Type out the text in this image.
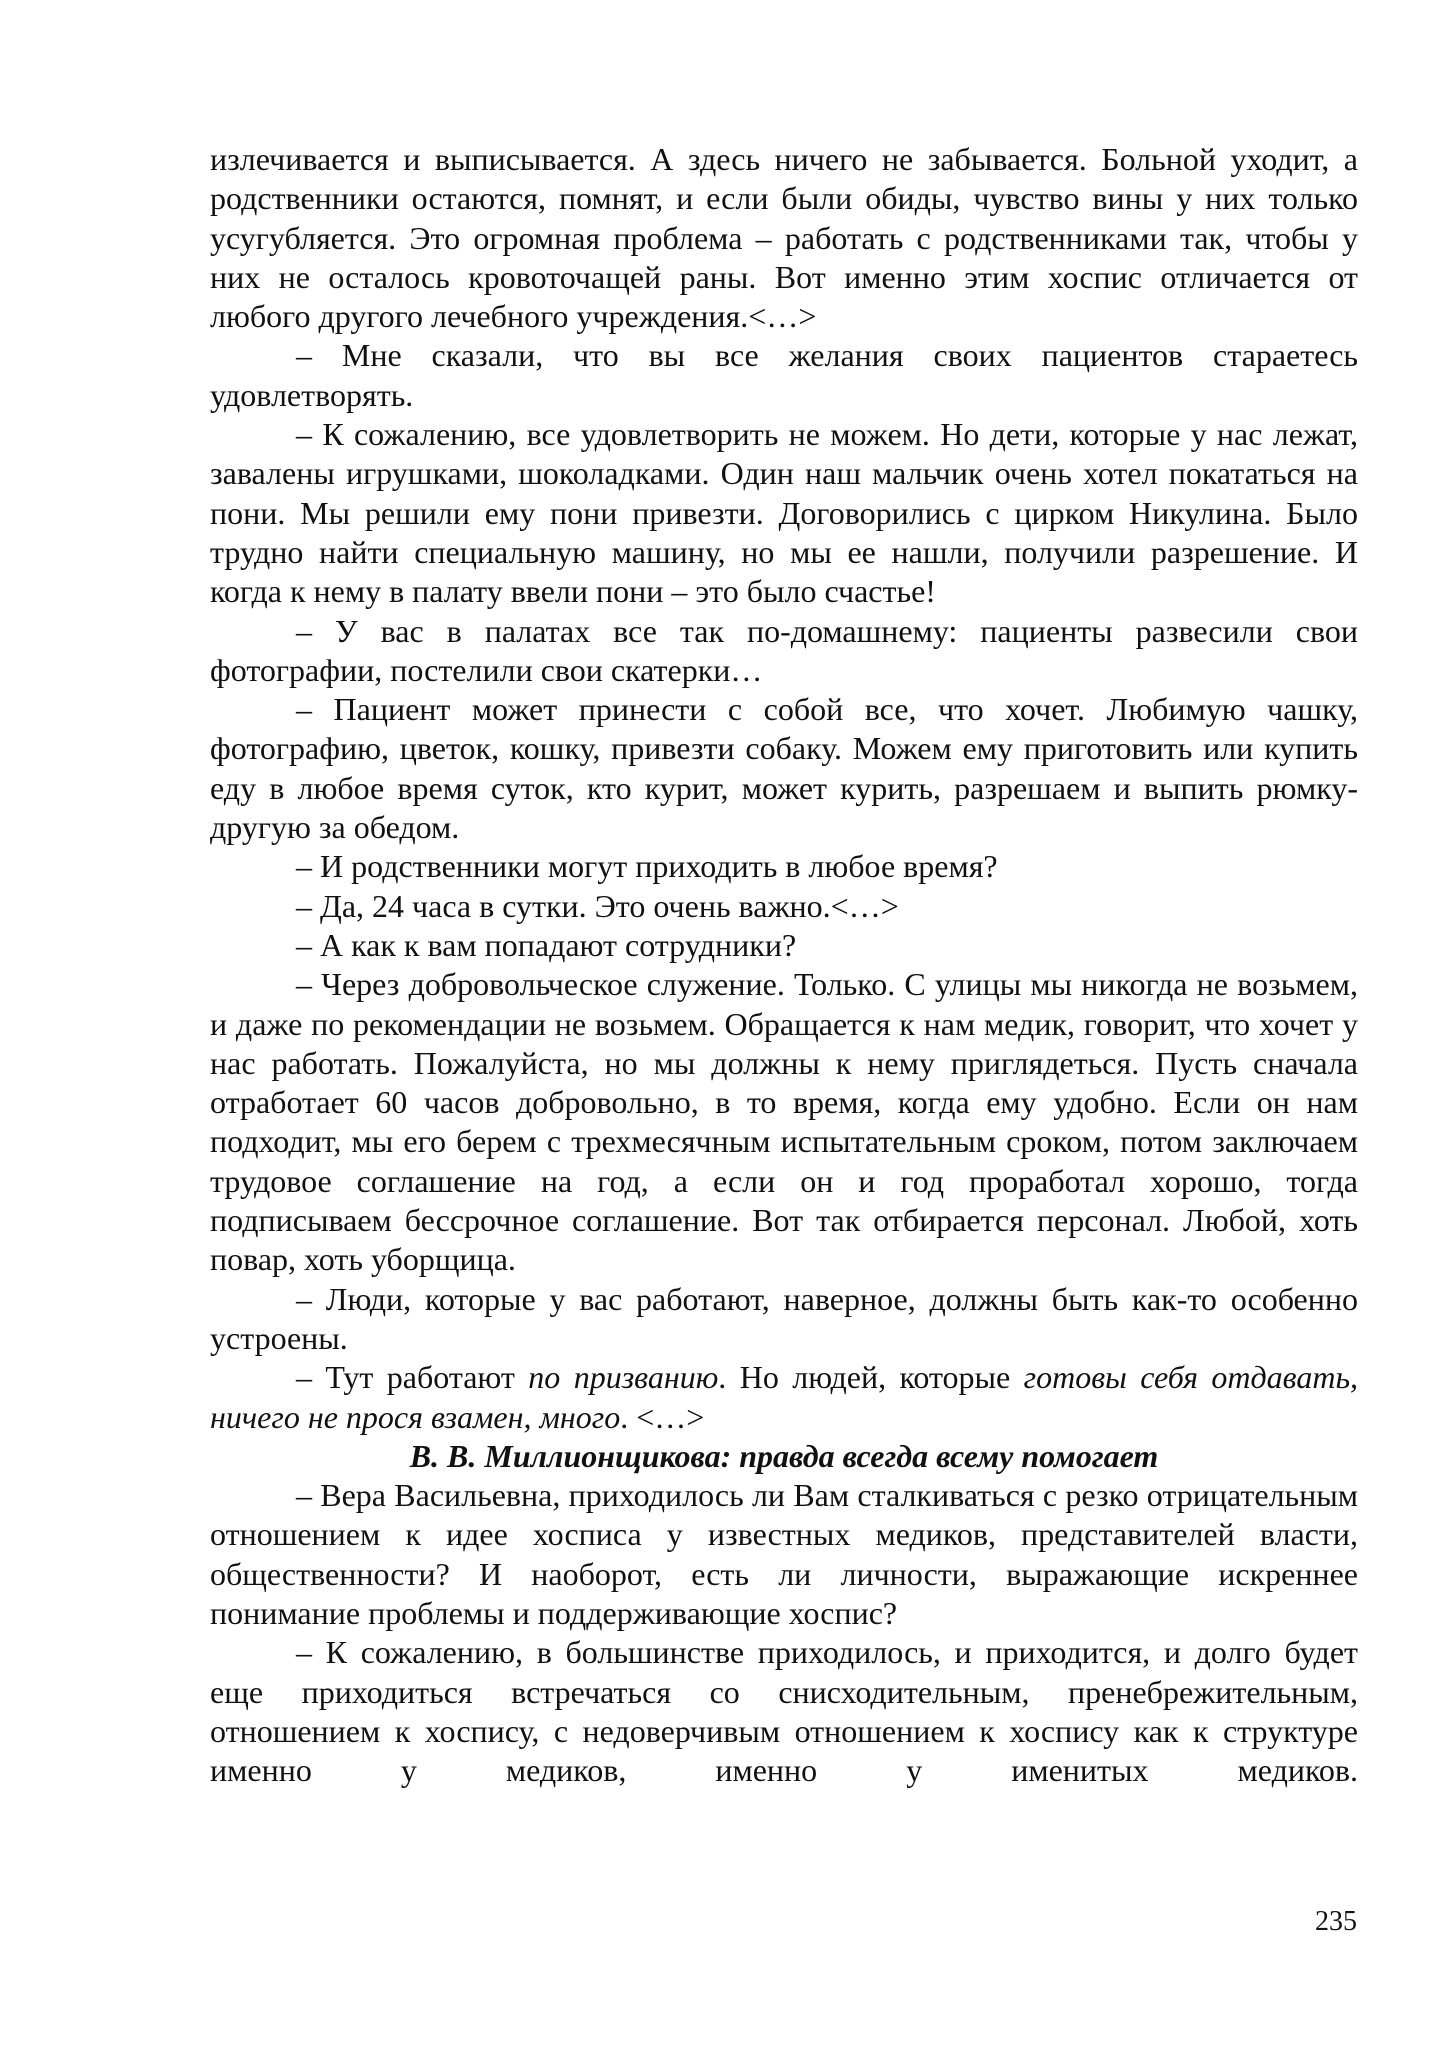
излечивается и выписывается. А здесь ничего не забывается. Больной уходит, а родственники остаются, помнят, и если были обиды, чувство вины у них только усугубляется. Это огромная проблема – работать с родственниками так, чтобы у них не осталось кровоточащей раны. Вот именно этим хоспис отличается от любого другого лечебного учреждения.<…>

– Мне сказали, что вы все желания своих пациентов стараетесь удовлетворять.

– К сожалению, все удовлетворить не можем. Но дети, которые у нас лежат, завалены игрушками, шоколадками. Один наш мальчик очень хотел покататься на пони. Мы решили ему пони привезти. Договорились с цирком Никулина. Было трудно найти специальную машину, но мы ее нашли, получили разрешение. И когда к нему в палату ввели пони – это было счастье!

– У вас в палатах все так по-домашнему: пациенты развесили свои фотографии, постелили свои скатерки…

– Пациент может принести с собой все, что хочет. Любимую чашку, фотографию, цветок, кошку, привезти собаку. Можем ему приготовить или купить еду в любое время суток, кто курит, может курить, разрешаем и выпить рюмку-другую за обедом.

– И родственники могут приходить в любое время?

– Да, 24 часа в сутки. Это очень важно.<…>

– А как к вам попадают сотрудники?

– Через добровольческое служение. Только. С улицы мы никогда не возьмем, и даже по рекомендации не возьмем. Обращается к нам медик, говорит, что хочет у нас работать. Пожалуйста, но мы должны к нему приглядеться. Пусть сначала отработает 60 часов добровольно, в то время, когда ему удобно. Если он нам подходит, мы его берем с трехмесячным испытательным сроком, потом заключаем трудовое соглашение на год, а если он и год проработал хорошо, тогда подписываем бессрочное соглашение. Вот так отбирается персонал. Любой, хоть повар, хоть уборщица.

– Люди, которые у вас работают, наверное, должны быть как-то особенно устроены.

– Тут работают по призванию. Но людей, которые готовы себя отдавать, ничего не прося взамен, много. <…>

В. В. Миллионщикова: правда всегда всему помогает

– Вера Васильевна, приходилось ли Вам сталкиваться с резко отрицательным отношением к идее хосписа у известных медиков, представителей власти, общественности? И наоборот, есть ли личности, выражающие искреннее понимание проблемы и поддерживающие хоспис?

– К сожалению, в большинстве приходилось, и приходится, и долго будет еще приходиться встречаться со снисходительным, пренебрежительным, отношением к хоспису, с недоверчивым отношением к хоспису как к структуре именно у медиков, именно у именитых медиков.

235
